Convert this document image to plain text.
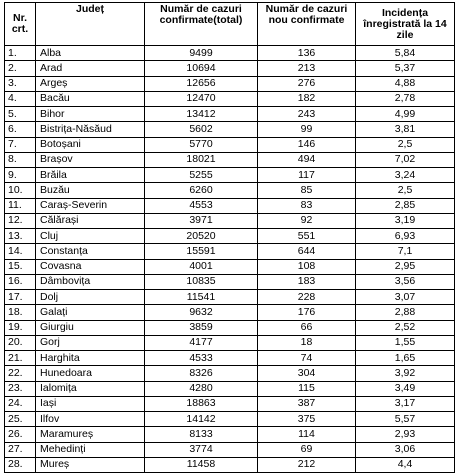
Nr. crt.	Județ	Număr de cazuri confirmate(total)	Număr de cazuri nou confirmate	Incidența înregistrată la 14 zile
1.	Alba	9499	136	5,84
2.	Arad	10694	213	5,37
3.	Argeș	12656	276	4,88
4.	Bacău	12470	182	2,78
5.	Bihor	13412	243	4,99
6.	Bistrița-Năsăud	5602	99	3,81
7.	Botoșani	5770	146	2,5
8.	Brașov	18021	494	7,02
9.	Brăila	5255	117	3,24
10.	Buzău	6260	85	2,5
11.	Caraș-Severin	4553	83	2,85
12.	Călărași	3971	92	3,19
13.	Cluj	20520	551	6,93
14.	Constanța	15591	644	7,1
15.	Covasna	4001	108	2,95
16.	Dâmbovița	10835	183	3,56
17.	Dolj	11541	228	3,07
18.	Galați	9632	176	2,88
19.	Giurgiu	3859	66	2,52
20.	Gorj	4177	18	1,55
21.	Harghita	4533	74	1,65
22.	Hunedoara	8326	304	3,92
23.	Ialomița	4280	115	3,49
24.	Iași	18863	387	3,17
25.	Ilfov	14142	375	5,57
26.	Maramureș	8133	114	2,93
27.	Mehedinți	3774	69	3,06
28.	Mureș	11458	212	4,4
